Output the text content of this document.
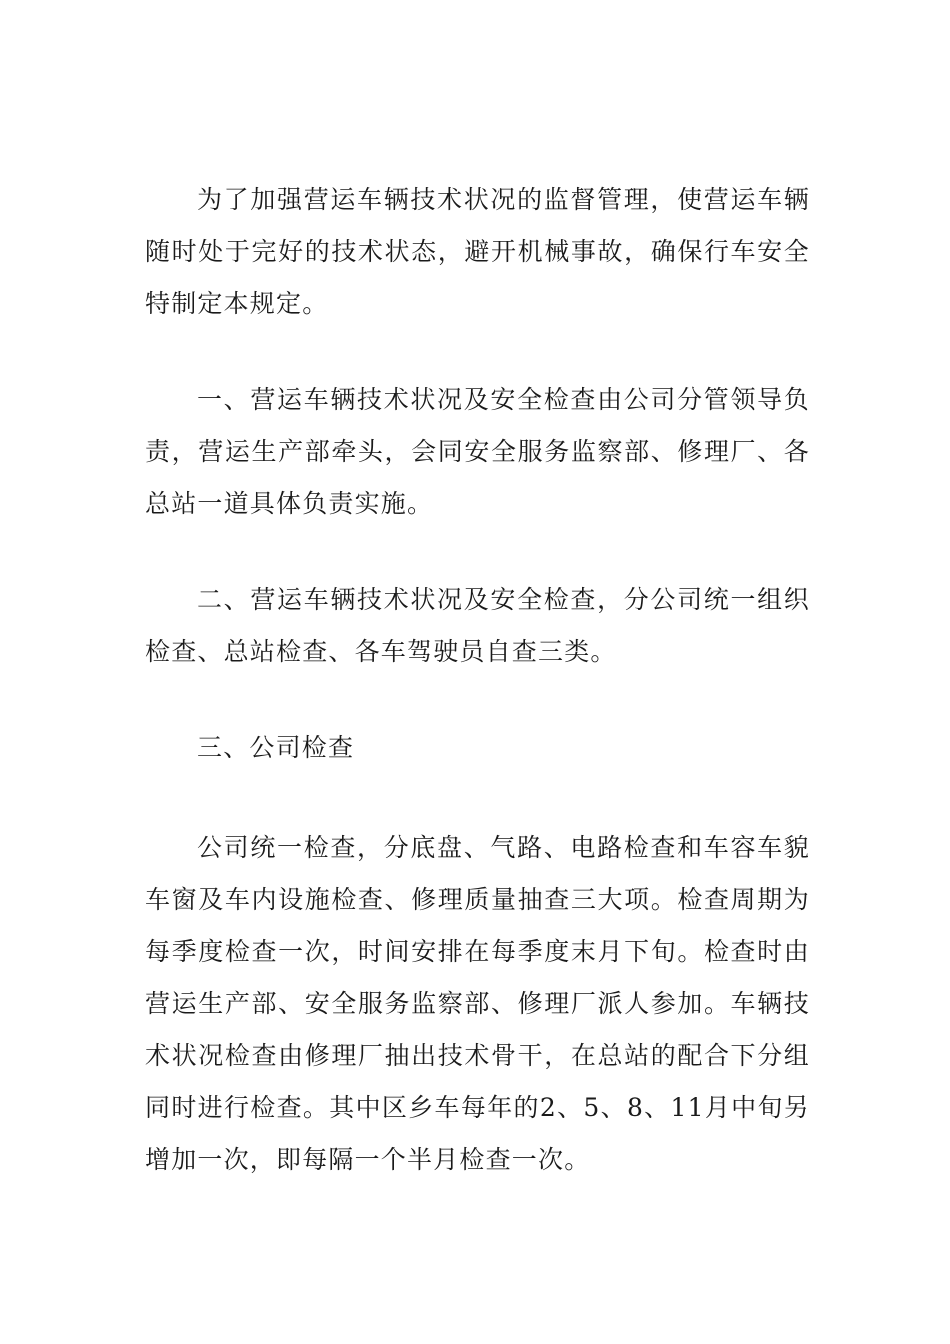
为了加强营运车辆技术状况的监督管理，使营运车辆随时处于完好的技术状态，避开机械事故，确保行车安全特制定本规定。

一、营运车辆技术状况及安全检查由公司分管领导负责，营运生产部牵头，会同安全服务监察部、修理厂、各总站一道具体负责实施。

二、营运车辆技术状况及安全检查，分公司统一组织检查、总站检查、各车驾驶员自查三类。

三、公司检查

公司统一检查，分底盘、气路、电路检查和车容车貌车窗及车内设施检查、修理质量抽查三大项。检查周期为每季度检查一次，时间安排在每季度末月下旬。检查时由营运生产部、安全服务监察部、修理厂派人参加。车辆技术状况检查由修理厂抽出技术骨干，在总站的配合下分组同时进行检查。其中区乡车每年的2、5、8、11月中旬另增加一次，即每隔一个半月检查一次。
